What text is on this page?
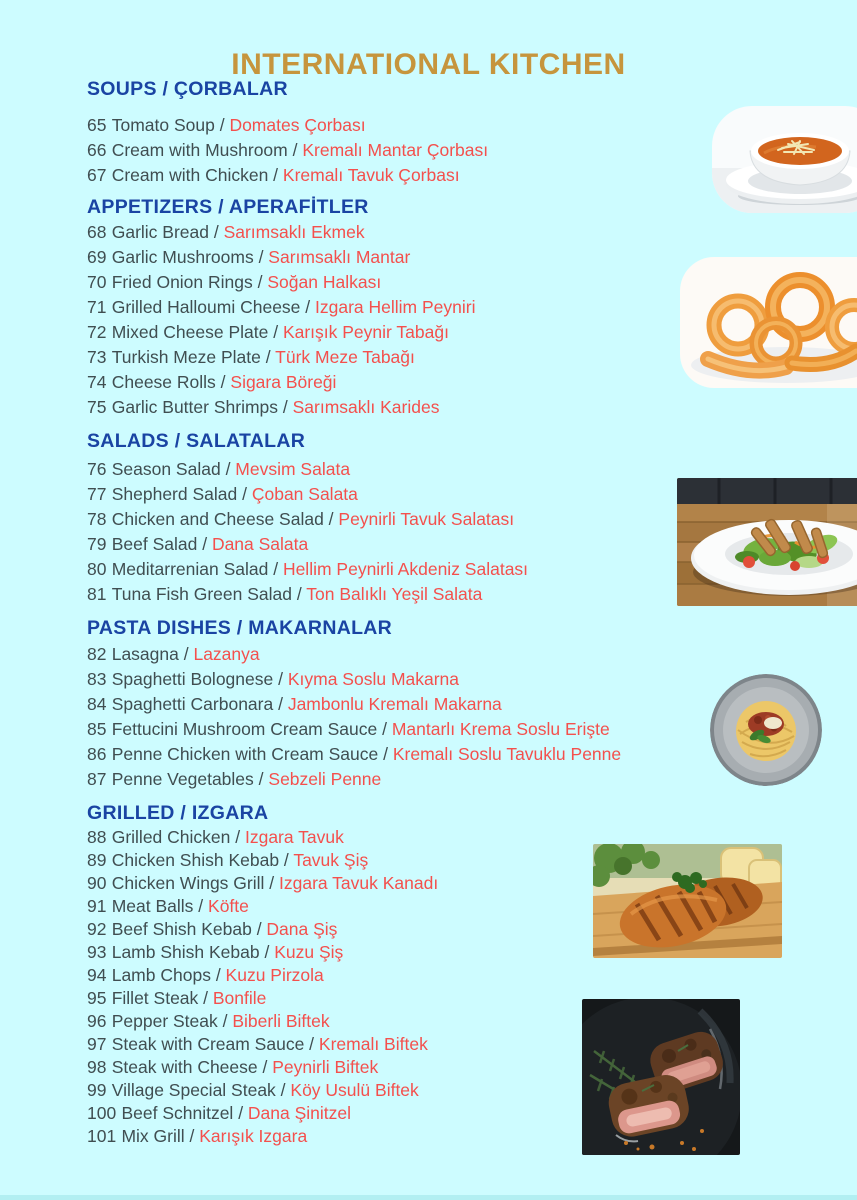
INTERNATIONAL KITCHEN
SOUPS / ÇORBALAR
65 Tomato Soup / Domates Çorbası
66 Cream with Mushroom / Kremalı Mantar Çorbası
67 Cream with Chicken / Kremalı Tavuk Çorbası
APPETIZERS / APERAFİTLER
68 Garlic Bread / Sarımsaklı Ekmek
69 Garlic Mushrooms / Sarımsaklı Mantar
70 Fried Onion Rings / Soğan Halkası
71 Grilled Halloumi Cheese / Izgara Hellim Peyniri
72 Mixed Cheese Plate / Karışık Peynir Tabağı
73 Turkish Meze Plate / Türk Meze Tabağı
74 Cheese Rolls / Sigara Böreği
75 Garlic Butter Shrimps / Sarımsaklı Karides
SALADS / SALATALAR
76 Season Salad / Mevsim Salata
77 Shepherd Salad / Çoban Salata
78 Chicken and Cheese Salad / Peynirli Tavuk Salatası
79 Beef Salad / Dana Salata
80 Meditarrenian Salad / Hellim Peynirli Akdeniz Salatası
81 Tuna Fish Green Salad / Ton Balıklı Yeşil Salata
PASTA DISHES / MAKARNALAR
82 Lasagna / Lazanya
83 Spaghetti Bolognese / Kıyma Soslu Makarna
84 Spaghetti Carbonara / Jambonlu Kremalı Makarna
85 Fettucini Mushroom Cream Sauce / Mantarlı Krema Soslu Erişte
86 Penne Chicken with Cream Sauce / Kremalı Soslu Tavuklu Penne
87 Penne Vegetables / Sebzeli Penne
GRILLED / IZGARA
88 Grilled Chicken / Izgara Tavuk
89 Chicken Shish Kebab / Tavuk Şiş
90 Chicken Wings Grill / Izgara Tavuk Kanadı
91 Meat Balls / Köfte
92 Beef Shish Kebab / Dana Şiş
93 Lamb Shish Kebab / Kuzu Şiş
94 Lamb Chops / Kuzu Pirzola
95 Fillet Steak / Bonfile
96 Pepper Steak / Biberli Biftek
97 Steak with Cream Sauce / Kremalı Biftek
98 Steak with Cheese / Peynirli Biftek
99 Village Special Steak / Köy Usulü Biftek
100 Beef Schnitzel / Dana Şinitzel
101 Mix Grill / Karışık Izgara
